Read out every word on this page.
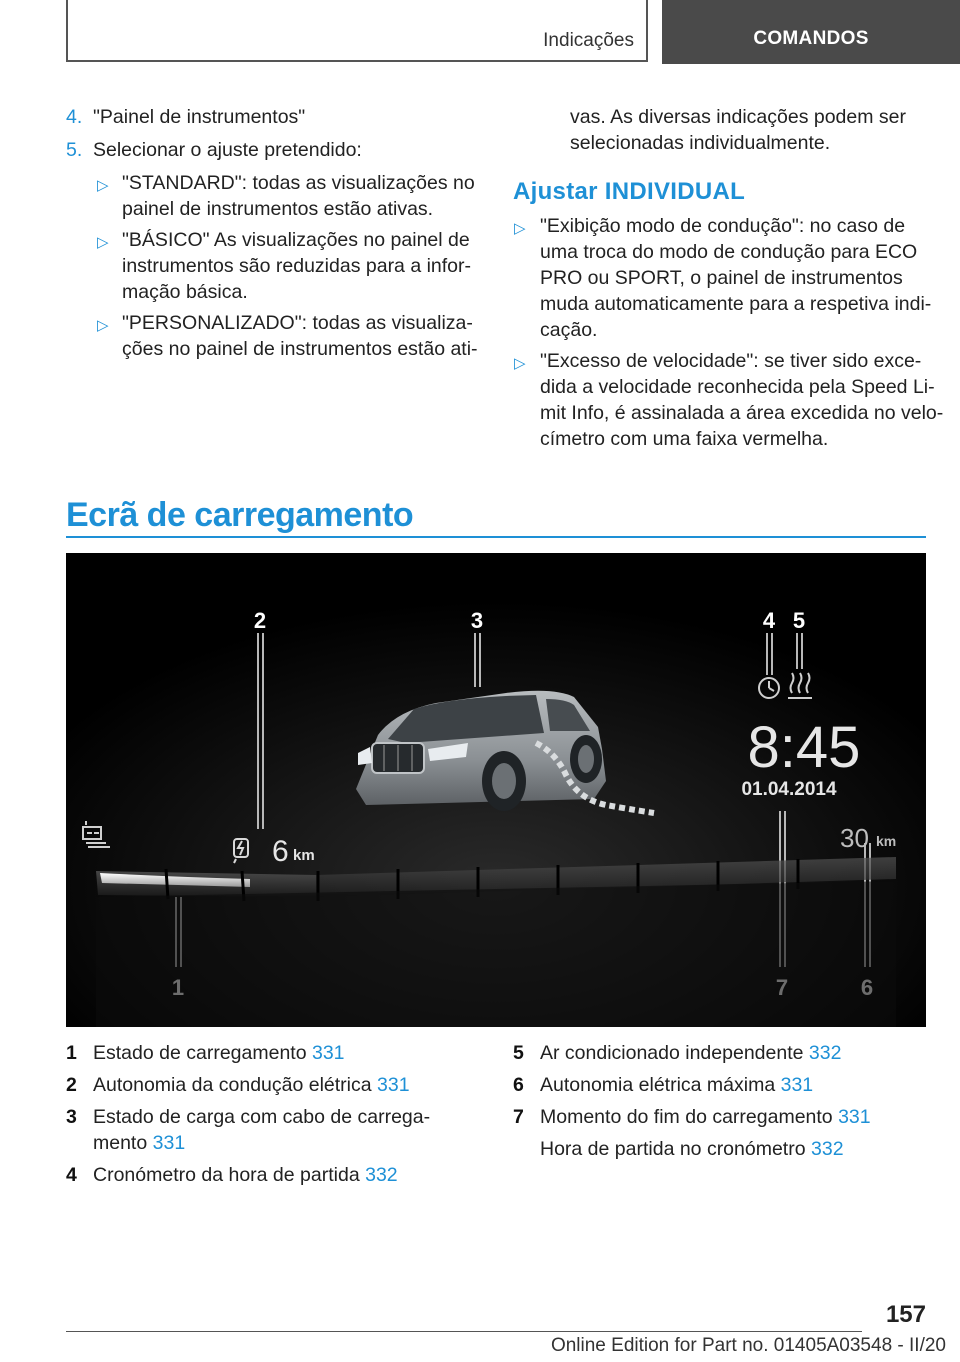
Indicações	COMANDOS
4. "Painel de instrumentos"
5. Selecionar o ajuste pretendido:
▷ "STANDARD": todas as visualizações no
painel de instrumentos estão ativas.
▷ "BÁSICO" As visualizações no painel de
instrumentos são reduzidas para a infor-
mação básica.
▷ "PERSONALIZADO": todas as visualiza-
ções no painel de instrumentos estão ati-
vas. As diversas indicações podem ser
selecionadas individualmente.
Ajustar INDIVIDUAL
▷ "Exibição modo de condução": no caso de
uma troca do modo de condução para ECO
PRO ou SPORT, o painel de instrumentos
muda automaticamente para a respetiva indi-
cação.
▷ "Excesso de velocidade": se tiver sido exce-
dida a velocidade reconhecida pela Speed Li-
mit Info, é assinalada a área excedida no velo-
címetro com uma faixa vermelha.
Ecrã de carregamento
2	3	4 5
8:45
01.04.2014
6 km
30 km
1 Estado de carregamento 331
2 Autonomia da condução elétrica 331
3 Estado de carga com cabo de carrega-
mento 331
4 Cronómetro da hora de partida 332
5 Ar condicionado independente 332
6 Autonomia elétrica máxima 331
7 Momento do fim do carregamento 331
Hora de partida no cronómetro 332
157
Online Edition for Part no. 01405A03548 - II/20
